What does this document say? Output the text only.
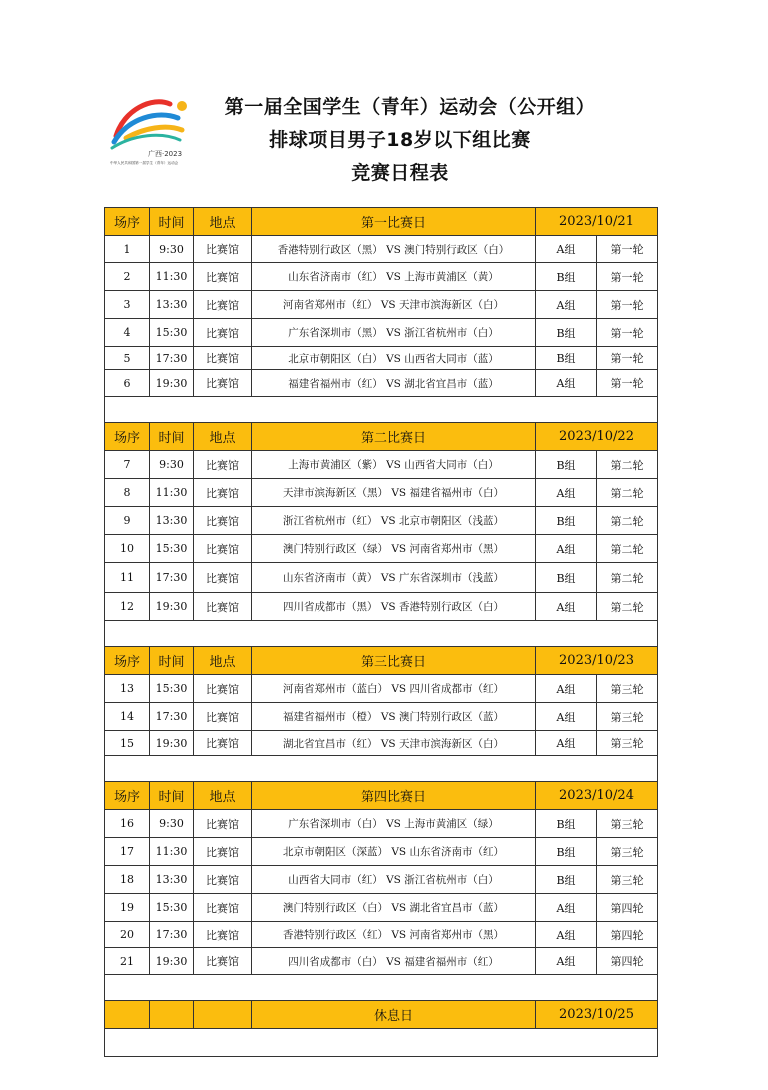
广西·2023
中华人民共和国第一届学生（青年）运动会
第一届全国学生（青年）运动会（公开组）
排球项目男子18岁以下组比赛
竞赛日程表
场序	时间	地点	第一比赛日	2023/10/21	
1	9:30	比赛馆	香港特别行政区（黑） VS 澳门特别行政区（白）	A组	第一轮
2	11:30	比赛馆	山东省济南市（红） VS 上海市黄浦区（黄）	B组	第一轮
3	13:30	比赛馆	河南省郑州市（红） VS 天津市滨海新区（白）	A组	第一轮
4	15:30	比赛馆	广东省深圳市（黑） VS 浙江省杭州市（白）	B组	第一轮
5	17:30	比赛馆	北京市朝阳区（白） VS 山西省大同市（蓝）	B组	第一轮
6	19:30	比赛馆	福建省福州市（红） VS 湖北省宜昌市（蓝）	A组	第一轮

场序	时间	地点	第二比赛日	2023/10/22	
7	9:30	比赛馆	上海市黄浦区（紫） VS 山西省大同市（白）	B组	第二轮
8	11:30	比赛馆	天津市滨海新区（黑） VS 福建省福州市（白）	A组	第二轮
9	13:30	比赛馆	浙江省杭州市（红） VS 北京市朝阳区（浅蓝）	B组	第二轮
10	15:30	比赛馆	澳门特别行政区（绿） VS 河南省郑州市（黑）	A组	第二轮
11	17:30	比赛馆	山东省济南市（黄） VS 广东省深圳市（浅蓝）	B组	第二轮
12	19:30	比赛馆	四川省成都市（黑） VS 香港特别行政区（白）	A组	第二轮

场序	时间	地点	第三比赛日	2023/10/23	
13	15:30	比赛馆	河南省郑州市（蓝白） VS 四川省成都市（红）	A组	第三轮
14	17:30	比赛馆	福建省福州市（橙） VS 澳门特别行政区（蓝）	A组	第三轮
15	19:30	比赛馆	湖北省宜昌市（红） VS 天津市滨海新区（白）	A组	第三轮

场序	时间	地点	第四比赛日	2023/10/24	
16	9:30	比赛馆	广东省深圳市（白） VS 上海市黄浦区（绿）	B组	第三轮
17	11:30	比赛馆	北京市朝阳区（深蓝） VS 山东省济南市（红）	B组	第三轮
18	13:30	比赛馆	山西省大同市（红） VS 浙江省杭州市（白）	B组	第三轮
19	15:30	比赛馆	澳门特别行政区（白） VS 湖北省宜昌市（蓝）	A组	第四轮
20	17:30	比赛馆	香港特别行政区（红） VS 河南省郑州市（黑）	A组	第四轮
21	19:30	比赛馆	四川省成都市（白） VS 福建省福州市（红）	A组	第四轮

			休息日	2023/10/25	
